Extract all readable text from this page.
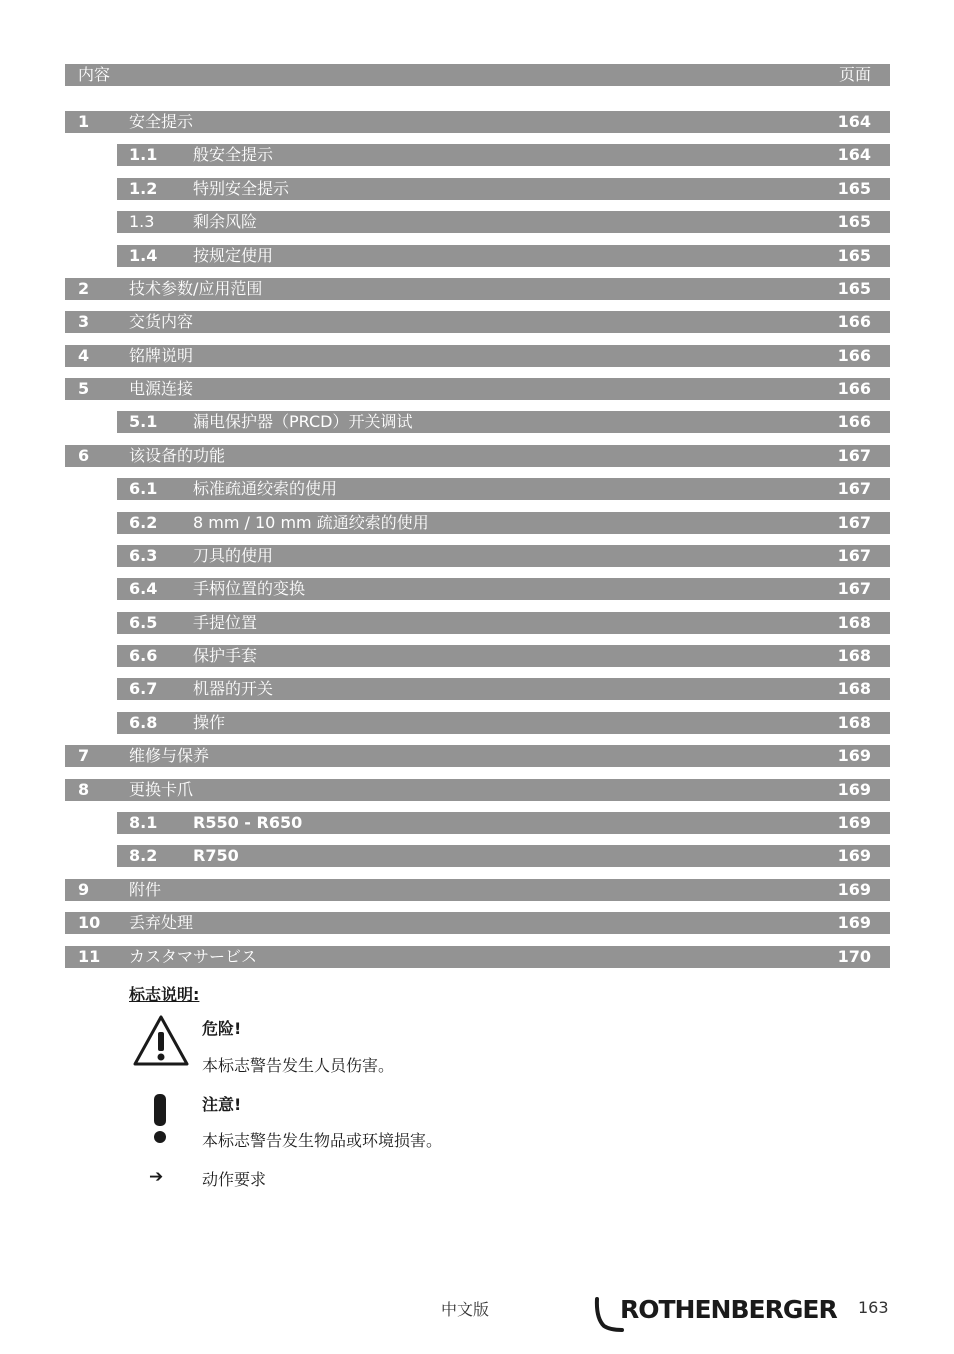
内容	页面
1 安全提示	164
1.1 般安全提示	164
1.2 特别安全提示	165
1.3 剩余风险	165
1.4 按规定使用	165
2 技术参数/应用范围	165
3 交货内容	166
4 铭牌说明	166
5 电源连接	166
5.1 漏电保护器（PRCD）开关调试	166
6 该设备的功能	167
6.1 标准疏通绞索的使用	167
6.2 8 mm / 10 mm 疏通绞索的使用	167
6.3 刀具的使用	167
6.4 手柄位置的变换	167
6.5 手提位置	168
6.6 保护手套	168
6.7 机器的开关	168
6.8 操作	168
7 维修与保养	169
8 更换卡爪	169
8.1 R550 - R650	169
8.2 R750	169
9 附件	169
10 丢弃处理	169
11 カスタマサービス	170
标志说明:
危险!
本标志警告发生人员伤害。
注意!
本标志警告发生物品或环境损害。
➔ 动作要求
中文版	ROTHENBERGER 163
